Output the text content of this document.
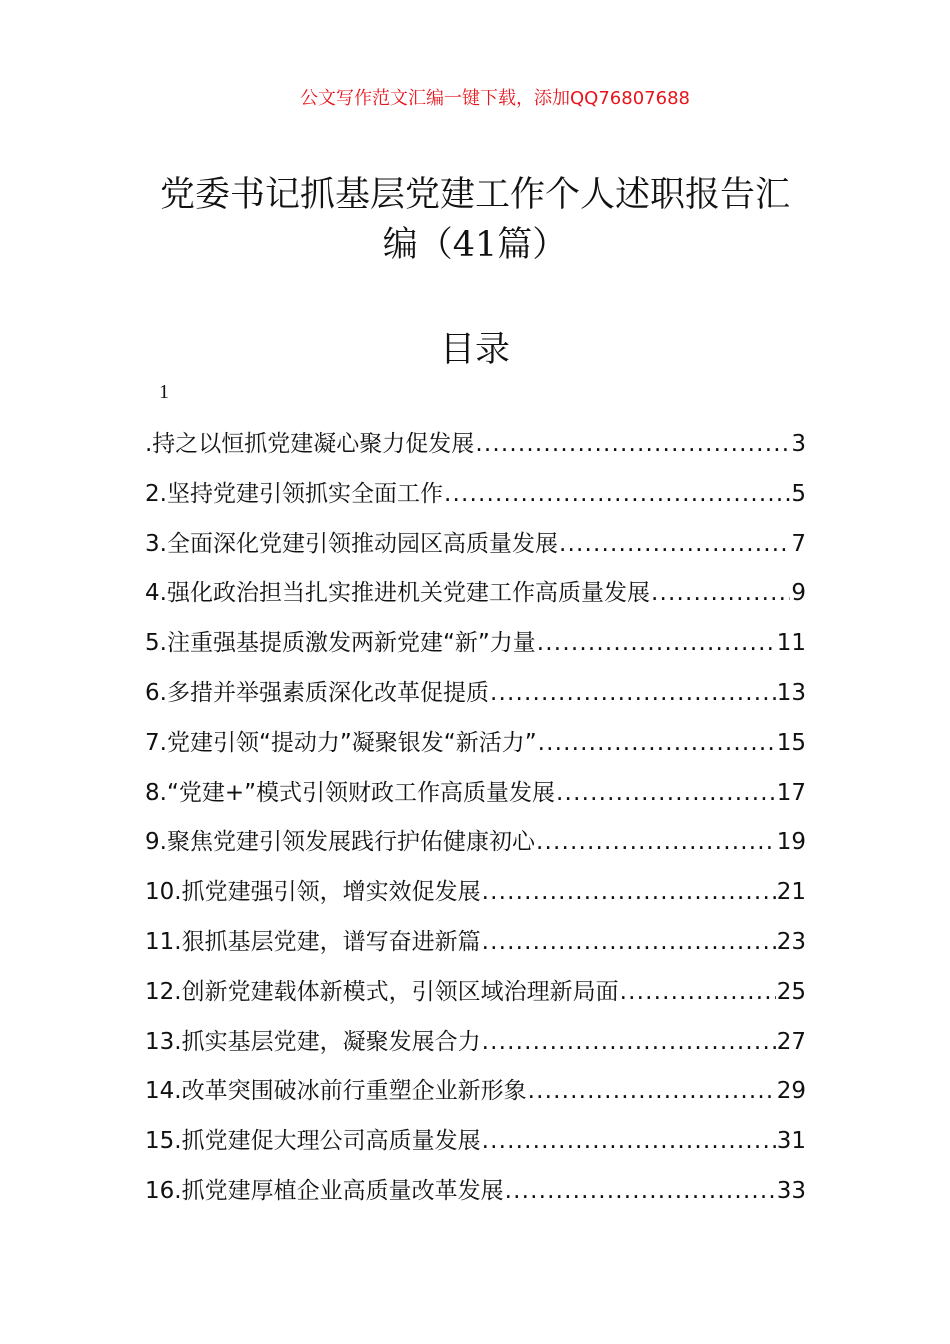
公文写作范文汇编一键下载，添加QQ76807688
党委书记抓基层党建工作个人述职报告汇
编（41篇）
目录
1
.持之以恒抓党建凝心聚力促发展 .....	3
2.坚持党建引领抓实全面工作 .....	5
3.全面深化党建引领推动园区高质量发展 .....	7
4.强化政治担当扎实推进机关党建工作高质量发展 .....	9
5.注重强基提质激发两新党建“新”力量 .....	11
6.多措并举强素质深化改革促提质 .....	13
7.党建引领“提动力”凝聚银发“新活力” .....	15
8.“党建+”模式引领财政工作高质量发展 .....	17
9.聚焦党建引领发展践行护佑健康初心 .....	19
10.抓党建强引领，增实效促发展 .....	21
11.狠抓基层党建，谱写奋进新篇 .....	23
12.创新党建载体新模式，引领区域治理新局面 .....	25
13.抓实基层党建，凝聚发展合力 .....	27
14.改革突围破冰前行重塑企业新形象 .....	29
15.抓党建促大理公司高质量发展 .....	31
16.抓党建厚植企业高质量改革发展 .....	33
